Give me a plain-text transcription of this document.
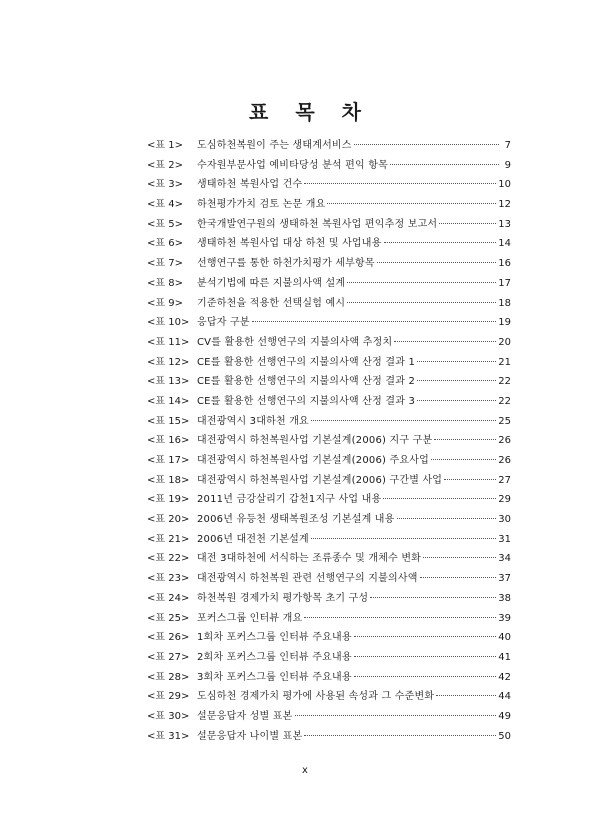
표 목 차
<표 1>	도심하천복원이 주는 생태계서비스	7
<표 2>	수자원부문사업 예비타당성 분석 편익 항목	9
<표 3>	생태하천 복원사업 건수	10
<표 4>	하천평가가치 검토 논문 개요	12
<표 5>	한국개발연구원의 생태하천 복원사업 편익추정 보고서	13
<표 6>	생태하천 복원사업 대상 하천 및 사업내용	14
<표 7>	선행연구를 통한 하천가치평가 세부항목	16
<표 8>	분석기법에 따른 지불의사액 설계	17
<표 9>	기준하천을 적용한 선택실험 예시	18
<표 10> 응답자 구분	19
<표 11> CV를 활용한 선행연구의 지불의사액 추정치	20
<표 12> CE를 활용한 선행연구의 지불의사액 산정 결과 1	21
<표 13> CE를 활용한 선행연구의 지불의사액 산정 결과 2	22
<표 14> CE를 활용한 선행연구의 지불의사액 산정 결과 3	22
<표 15> 대전광역시 3대하천 개요	25
<표 16> 대전광역시 하천복원사업 기본설계(2006) 지구 구분	26
<표 17> 대전광역시 하천복원사업 기본설계(2006) 주요사업	26
<표 18> 대전광역시 하천복원사업 기본설계(2006) 구간별 사업	27
<표 19> 2011년 금강살리기 갑천1지구 사업 내용	29
<표 20> 2006년 유등천 생태복원조성 기본설계 내용	30
<표 21> 2006년 대전천 기본설계	31
<표 22> 대전 3대하천에 서식하는 조류종수 및 개체수 변화	34
<표 23> 대전광역시 하천복원 관련 선행연구의 지불의사액	37
<표 24> 하천복원 경제가치 평가항목 초기 구성	38
<표 25> 포커스그룹 인터뷰 개요	39
<표 26> 1회차 포커스그룹 인터뷰 주요내용	40
<표 27> 2회차 포커스그룹 인터뷰 주요내용	41
<표 28> 3회차 포커스그룹 인터뷰 주요내용	42
<표 29> 도심하천 경제가치 평가에 사용된 속성과 그 수준변화	44
<표 30> 설문응답자 성별 표본	49
<표 31> 설문응답자 나이별 표본	50

x
